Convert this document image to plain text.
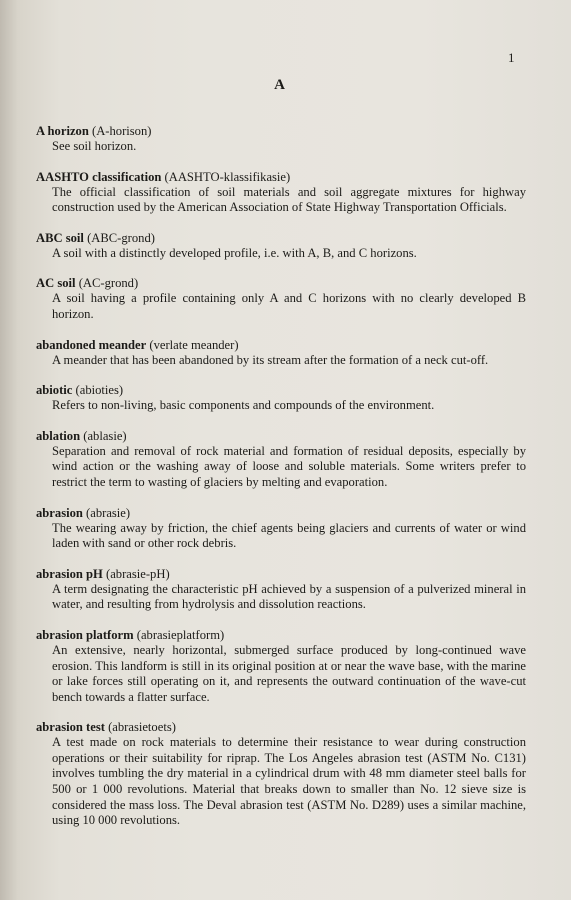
1
A
A horizon (A-horison)
See soil horizon.
AASHTO classification (AASHTO-klassifikasie)
The official classification of soil materials and soil aggregate mixtures for highway construction used by the American Association of State Highway Transportation Officials.
ABC soil (ABC-grond)
A soil with a distinctly developed profile, i.e. with A, B, and C horizons.
AC soil (AC-grond)
A soil having a profile containing only A and C horizons with no clearly developed B horizon.
abandoned meander (verlate meander)
A meander that has been abandoned by its stream after the formation of a neck cut-off.
abiotic (abioties)
Refers to non-living, basic components and compounds of the environment.
ablation (ablasie)
Separation and removal of rock material and formation of residual deposits, especially by wind action or the washing away of loose and soluble materials. Some writers prefer to restrict the term to wasting of glaciers by melting and evaporation.
abrasion (abrasie)
The wearing away by friction, the chief agents being glaciers and currents of water or wind laden with sand or other rock debris.
abrasion pH (abrasie-pH)
A term designating the characteristic pH achieved by a suspension of a pulverized mineral in water, and resulting from hydrolysis and dissolution reactions.
abrasion platform (abrasieplatform)
An extensive, nearly horizontal, submerged surface produced by long-continued wave erosion. This landform is still in its original position at or near the wave base, with the marine or lake forces still operating on it, and represents the outward continuation of the wave-cut bench towards a flatter surface.
abrasion test (abrasietoets)
A test made on rock materials to determine their resistance to wear during construction operations or their suitability for riprap. The Los Angeles abrasion test (ASTM No. C131) involves tumbling the dry material in a cylindrical drum with 48 mm diameter steel balls for 500 or 1 000 revolutions. Material that breaks down to smaller than No. 12 sieve size is considered the mass loss. The Deval abrasion test (ASTM No. D289) uses a similar machine, using 10 000 revolutions.
